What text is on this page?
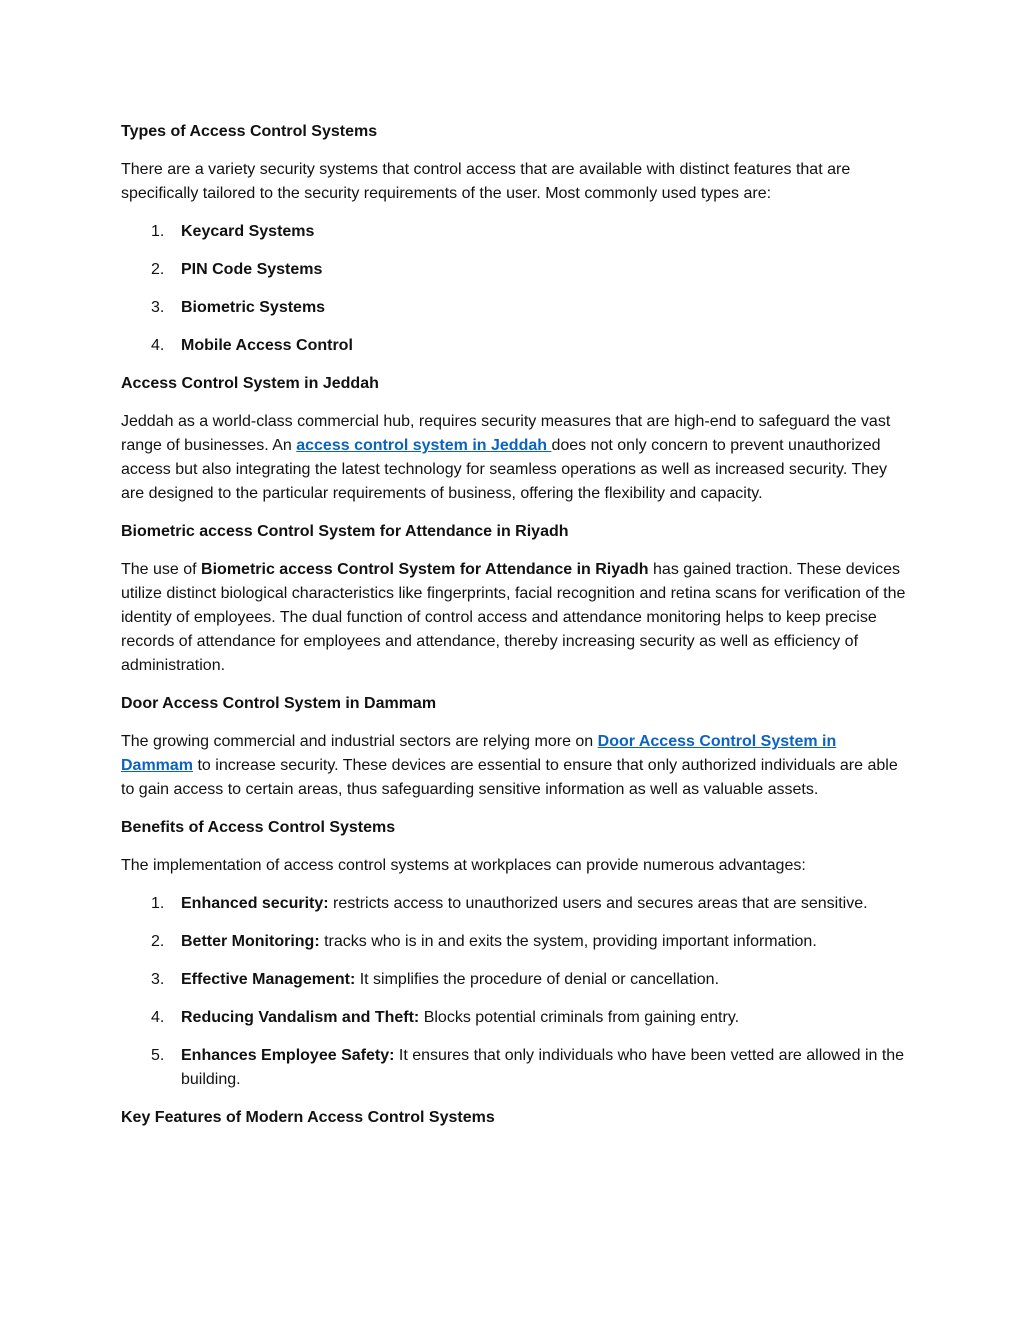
Types of Access Control Systems

There are a variety security systems that control access that are available with distinct features that are specifically tailored to the security requirements of the user. Most commonly used types are:

1. Keycard Systems
2. PIN Code Systems
3. Biometric Systems
4. Mobile Access Control
Access Control System in Jeddah

Jeddah as a world-class commercial hub, requires security measures that are high-end to safeguard the vast range of businesses. An access control system in Jeddah does not only concern to prevent unauthorized access but also integrating the latest technology for seamless operations as well as increased security. They are designed to the particular requirements of business, offering the flexibility and capacity.

Biometric access Control System for Attendance in Riyadh

The use of Biometric access Control System for Attendance in Riyadh has gained traction. These devices utilize distinct biological characteristics like fingerprints, facial recognition and retina scans for verification of the identity of employees. The dual function of control access and attendance monitoring helps to keep precise records of attendance for employees and attendance, thereby increasing security as well as efficiency of administration.

Door Access Control System in Dammam

The growing commercial and industrial sectors are relying more on Door Access Control System in Dammam to increase security. These devices are essential to ensure that only authorized individuals are able to gain access to certain areas, thus safeguarding sensitive information as well as valuable assets.

Benefits of Access Control Systems

The implementation of access control systems at workplaces can provide numerous advantages:

1. Enhanced security: restricts access to unauthorized users and secures areas that are sensitive.
2. Better Monitoring: tracks who is in and exits the system, providing important information.
3. Effective Management: It simplifies the procedure of denial or cancellation.
4. Reducing Vandalism and Theft: Blocks potential criminals from gaining entry.
5. Enhances Employee Safety: It ensures that only individuals who have been vetted are allowed in the building.
Key Features of Modern Access Control Systems
